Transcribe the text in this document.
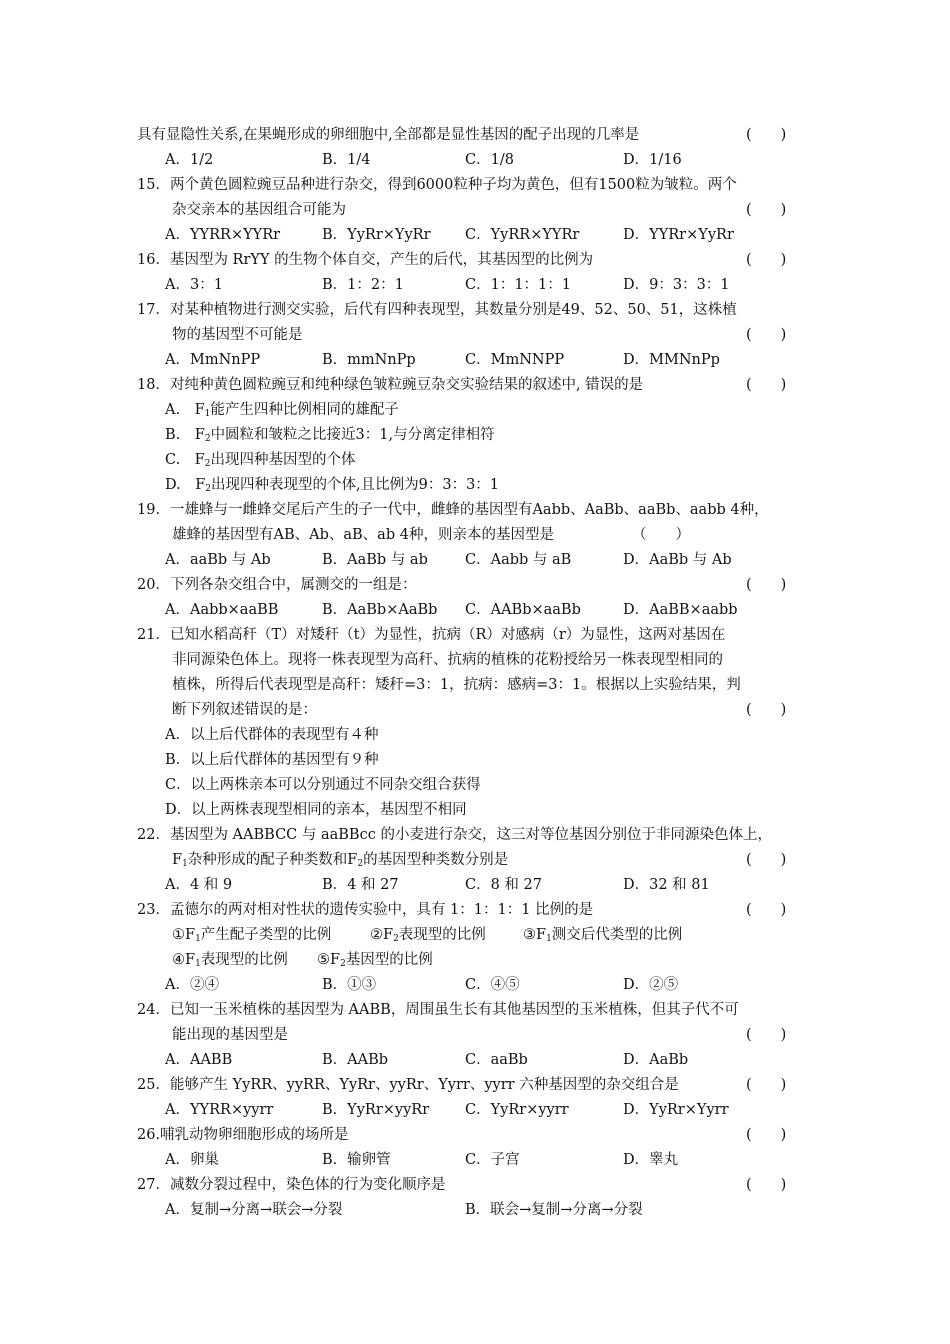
具有显隐性关系,在果蝇形成的卵细胞中,全部都是显性基因的配子出现的几率是	(　　)
A．1/2	B．1/4	C．1/8	D．1/16
15．两个黄色圆粒豌豆品种进行杂交，得到6000粒种子均为黄色，但有1500粒为皱粒。两个
杂交亲本的基因组合可能为	(　　)
A．YYRR×YYRr	B．YyRr×YyRr C．YyRR×YYRr	D．YYRr×YyRr
16．基因型为 RrYY 的生物个体自交，产生的后代，其基因型的比例为	(　　)
A．3：1	B．1：2：1	C．1：1：1：1	D．9：3：3：1
17．对某种植物进行测交实验，后代有四种表现型，其数量分别是49、52、50、51，这株植
物的基因型不可能是	(　　)
A．MmNnPP	B．mmNnPp	C．MmNNPP	D．MMNnPp
18．对纯种黄色圆粒豌豆和纯种绿色皱粒豌豆杂交实验结果的叙述中, 错误的是	(　　)
A.　$F_1$能产生四种比例相同的雄配子
B.　$F_2$中圆粒和皱粒之比接近3：1,与分离定律相符
C.　$F_2$出现四种基因型的个体
D.　$F_2$出现四种表现型的个体,且比例为9：3：3：1
19．一雄蜂与一雌蜂交尾后产生的子一代中，雌蜂的基因型有Aabb、AaBb、aaBb、aabb 4种，
雄蜂的基因型有AB、Ab、aB、ab 4种，则亲本的基因型是	（　　）
A．aaBb 与 Ab	B．AaBb 与 ab	C．Aabb 与 aB	D．AaBb 与 Ab
20．下列各杂交组合中，属测交的一组是：	(　　)
A．Aabb×aaBB	B．AaBb×AaBb C．AABb×aaBb	D．AaBB×aabb
21．已知水稻高秆（T）对矮秆（t）为显性，抗病（R）对感病（r）为显性，这两对基因在
非同源染色体上。现将一株表现型为高秆、抗病的植株的花粉授给另一株表现型相同的
植株，所得后代表现型是高秆：矮秆=3：1，抗病：感病=3：1。根据以上实验结果，判
断下列叙述错误的是：	(　　)
A．以上后代群体的表现型有４种
B．以上后代群体的基因型有９种
C．以上两株亲本可以分别通过不同杂交组合获得
D．以上两株表现型相同的亲本，基因型不相同
22．基因型为 AABBCC 与 aaBBcc 的小麦进行杂交，这三对等位基因分别位于非同源染色体上，
$F_1$杂种形成的配子种类数和$F_2$的基因型种类数分别是	(　　)
A．4 和 9	B．4 和 27	C．8 和 27	D．32 和 81
23．孟德尔的两对相对性状的遗传实验中，具有 1：1：1：1 比例的是	(　　)
$①F_1$产生配子类型的比例	$②F_2$表现型的比例	$③F_1$测交后代类型的比例
$④F_1$表现型的比例 $⑤F_2$基因型的比例
A．②④	B．①③	C．④⑤	D．②⑤
24．已知一玉米植株的基因型为 AABB，周围虽生长有其他基因型的玉米植株，但其子代不可
能出现的基因型是	(　　)
A．AABB	B．AABb	C．aaBb	D．AaBb
25．能够产生 YyRR、yyRR、YyRr、yyRr、Yyrr、yyrr 六种基因型的杂交组合是	(　　)
A．YYRR×yyrr	B．YyRr×yyRr C．YyRr×yyrr	D．YyRr×Yyrr
26.哺乳动物卵细胞形成的场所是	(　　)
A．卵巢	B．输卵管	C．子宫	D．睾丸
27．减数分裂过程中，染色体的行为变化顺序是	(　　)
A．复制→分离→联会→分裂	B．联会→复制→分离→分裂
